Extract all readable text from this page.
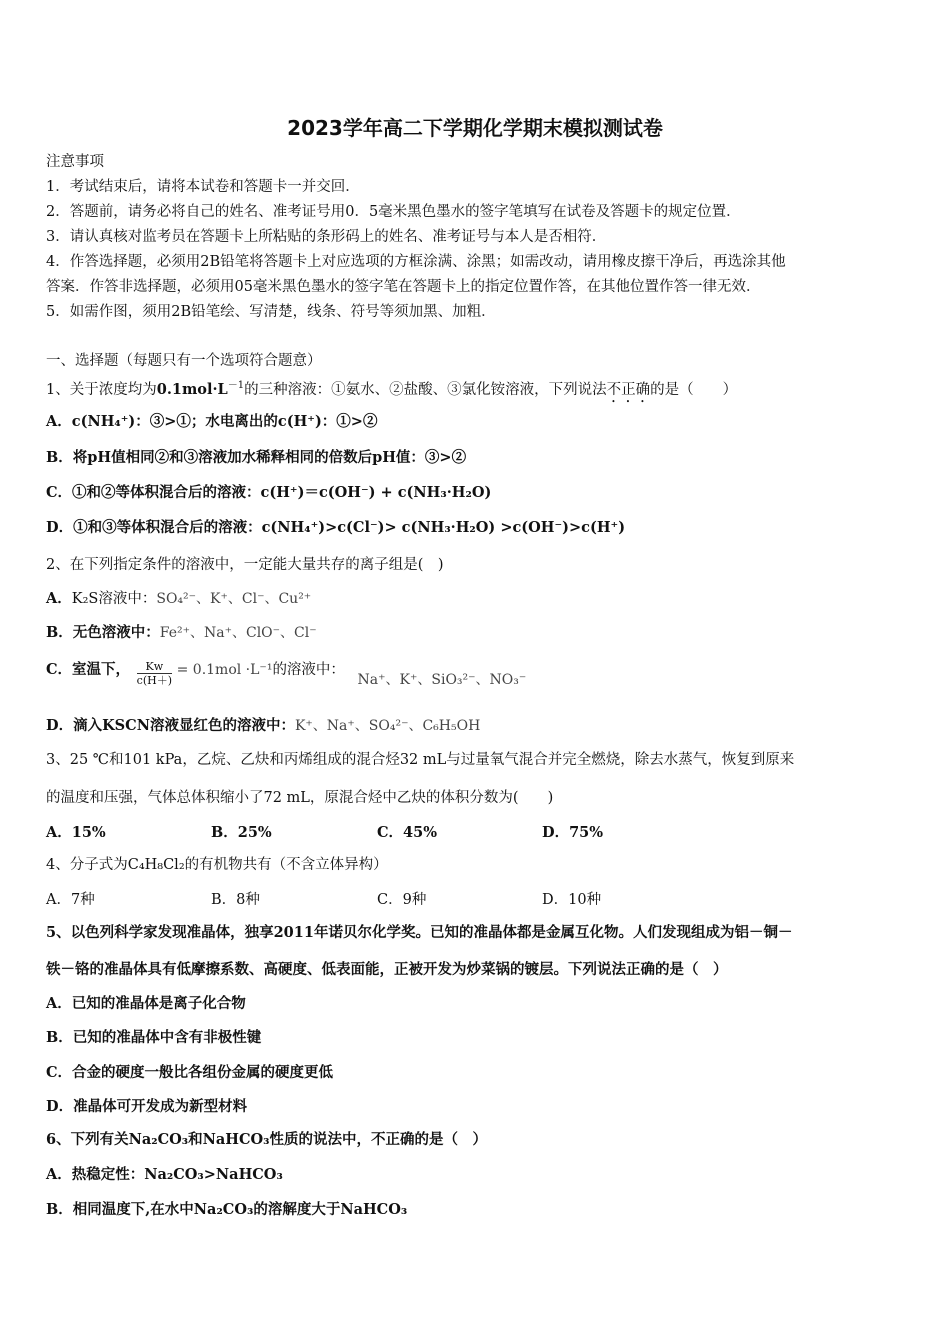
2023学年高二下学期化学期末模拟测试卷
注意事项
1．考试结束后，请将本试卷和答题卡一并交回．
2．答题前，请务必将自己的姓名、准考证号用0．5毫米黑色墨水的签字笔填写在试卷及答题卡的规定位置．
3．请认真核对监考员在答题卡上所粘贴的条形码上的姓名、准考证号与本人是否相符．
4．作答选择题，必须用2B铅笔将答题卡上对应选项的方框涂满、涂黑；如需改动，请用橡皮擦干净后，再选涂其他
答案．作答非选择题，必须用05毫米黑色墨水的签字笔在答题卡上的指定位置作答，在其他位置作答一律无效．
5．如需作图，须用2B铅笔绘、写清楚，线条、符号等须加黑、加粗．
一、选择题（每题只有一个选项符合题意）
1、关于浓度均为$0.1mol\cdot L^{-1}$的三种溶液：①氨水、②盐酸、③氯化铵溶液，下列说法不正确的是（　　）
A．c(NH₄⁺)：③>①；水电离出的c(H⁺)：①>②
B．将pH值相同②和③溶液加水稀释相同的倍数后pH值：③>②
C．①和②等体积混合后的溶液：c(H⁺)＝c(OH⁻) + c(NH₃·H₂O)
D．①和③等体积混合后的溶液：c(NH₄⁺)>c(Cl⁻)> c(NH₃·H₂O) >c(OH⁻)>c(H⁺)
2、在下列指定条件的溶液中，一定能大量共存的离子组是(　)
A．K₂S溶液中：SO₄²⁻、K⁺、Cl⁻、Cu²⁺
B．无色溶液中：Fe²⁺、Na⁺、ClO⁻、Cl⁻
C．室温下， $\frac{Kw}{c(H+)} = 0.1mol \cdot L^{-1}$的溶液中： Na⁺、K⁺、SiO₃²⁻、NO₃⁻
D．滴入KSCN溶液显红色的溶液中：K⁺、Na⁺、SO₄²⁻、C₆H₅OH
3、25 ℃和101 kPa，乙烷、乙炔和丙烯组成的混合烃32 mL与过量氧气混合并完全燃烧，除去水蒸气，恢复到原来
的温度和压强，气体总体积缩小了72 mL，原混合烃中乙炔的体积分数为(　　)
A．15%	B．25%	C．45%	D．75%
4、分子式为C₄H₈Cl₂的有机物共有（不含立体异构）
A．7种	B．8种	C．9种	D．10种
5、以色列科学家发现准晶体，独享2011年诺贝尔化学奖。已知的准晶体都是金属互化物。人们发现组成为铝－铜－
铁－铬的准晶体具有低摩擦系数、高硬度、低表面能，正被开发为炒菜锅的镀层。下列说法正确的是（　）
A．已知的准晶体是离子化合物
B．已知的准晶体中含有非极性键
C．合金的硬度一般比各组份金属的硬度更低
D．准晶体可开发成为新型材料
6、下列有关Na₂CO₃和NaHCO₃性质的说法中，不正确的是（　）
A．热稳定性：Na₂CO₃>NaHCO₃
B．相同温度下,在水中Na₂CO₃的溶解度大于NaHCO₃
